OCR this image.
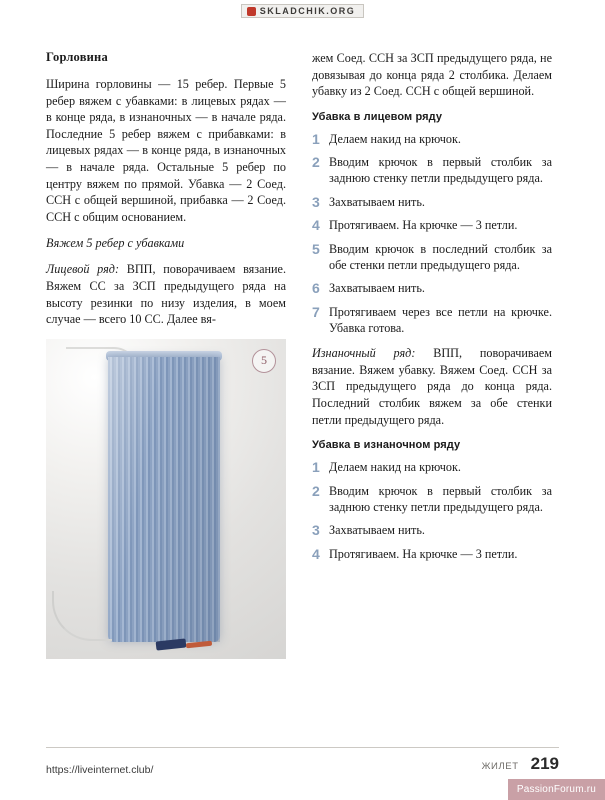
SKLADCHIK.ORG
Горловина

Ширина горловины — 15 ребер. Первые 5 ребер вяжем с убавками: в лицевых рядах — в конце ряда, в изнаночных — в начале ряда. Последние 5 ребер вяжем с прибавками: в лицевых рядах — в конце ряда, в изнаночных — в начале ряда. Остальные 5 ребер по центру вяжем по прямой. Убавка — 2 Соед. ССН с общей вершиной, прибавка — 2 Соед. ССН с общим основанием.

Вяжем 5 ребер с убавками

Лицевой ряд: ВПП, поворачиваем вязание. Вяжем СС за ЗСП предыдущего ряда на высоту резинки по низу изделия, в моем случае — всего 10 СС. Далее вя-

5

жем Соед. ССН за ЗСП предыдущего ряда, не довязывая до конца ряда 2 столбика. Делаем убавку из 2 Соед. ССН с общей вершиной.

Убавка в лицевом ряду
1 Делаем накид на крючок.
2 Вводим крючок в первый столбик за заднюю стенку петли предыдущего ряда.
3 Захватываем нить.
4 Протягиваем. На крючке — 3 петли.
5 Вводим крючок в последний столбик за обе стенки петли предыдущего ряда.
6 Захватываем нить.
7 Протягиваем через все петли на крючке. Убавка готова.

Изнаночный ряд: ВПП, поворачиваем вязание. Вяжем убавку. Вяжем Соед. ССН за ЗСП предыдущего ряда до конца ряда. Последний столбик вяжем за обе стенки петли предыдущего ряда.

Убавка в изнаночном ряду
1 Делаем накид на крючок.
2 Вводим крючок в первый столбик за заднюю стенку петли предыдущего ряда.
3 Захватываем нить.
4 Протягиваем. На крючке — 3 петли.
ЖИЛЕТ 219
https://liveinternet.club/
PassionForum.ru
